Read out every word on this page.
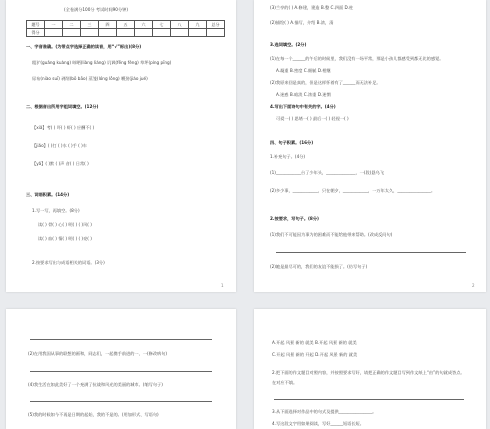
(全卷满分100分 考试时间90分钟)
题号	一	二	三	四	五	六	七	八	九	总分
得分										
一、字音准确。(为带点字选择正确的读音，用“√”标出)(8分)
粗犷(guǎng kuàng) 晾晒(liàng liáng) 讥讽(fěng fèng) 草坪(píng pīng)
尿布(niào suī) 剥削(bō bāo) 蒸笼(lóng lǒng) 嚼劲(jiáo jué)
二、根据音出所用字组词填空。(12分)
【xiǎ】考( ) 吓( ) 虾( ) 应酬不( )
【jiǎo】( )打 ( )水 ( )手 ( )车
【yǎ】( )默 ( )声 音( ) 日常( )
三、词语积累。(14分)
1.写一写，再填空。(8分)
读( ) 骨( ) 心( ) 明( ) ( )风( )
读( ) 血( ) 情( ) 明( ) ( )亮( )
2.按要求写出与成语相关的词语。(3分)
1
(3)兰亭的( ) A.修建，建造 B.整 C.四面 D.柱
(2)描绘( ) A.描写，介绍 B.浓，清
3.选词填空。(2分)
(1)在每一个______的午后的时候里，我们没有一场平常，那是小孩儿都感受到都无比的感觉。
A.凝重 B.密度 C.细腻 D.相继
(2)我原来回是真的，但是这样怀着有了______而无法补足。
A.迷惑 B.暗淡 C.浓重 D.迷惘
4.写出下面诗句中有关的字。(4分)
可爱一( ) 思绪一( ) 最后一( ) 轻视一( )
四、句子积累。(16分)
1.补充句子。(4分)
(1)____________台了少年头，______________，一(段)悬乌飞
(2)多少事，____________，只在朝夕，____________，一万年太久，________________。
2.按要求，写句子。(8分)
(1)我们不可能因为事为的困难而不能给他带来帮助。(改成反问句)
(2)她是最尽可的，我们的友谊不能损了。(仿写句子)
2
(2)在用我国从事的联想的画和，同志们，一起携手前进的一、一(修改病句)
(4)我生活在如此美好了一个充满了抗战和风光的美丽的城市。(缩写句子)
(5)我的时候如今不再是日期的起始，我的不是的。(用加形式、写语句)
A.开起 风景 新的 就美 B.开起 风景 新的 就美
C.开起 风景 新的 开起 D.开起 风景 新的 就美
2.把下面的作文题目对照内容，并按照要求写好，请把正确的作文题目写到作文纸上“由”的句就成答点。
在对应不填。
3.从下面选择对作品中的句式及提供________________。
4.写这段文字用如果阅读，写好______短语长短。
